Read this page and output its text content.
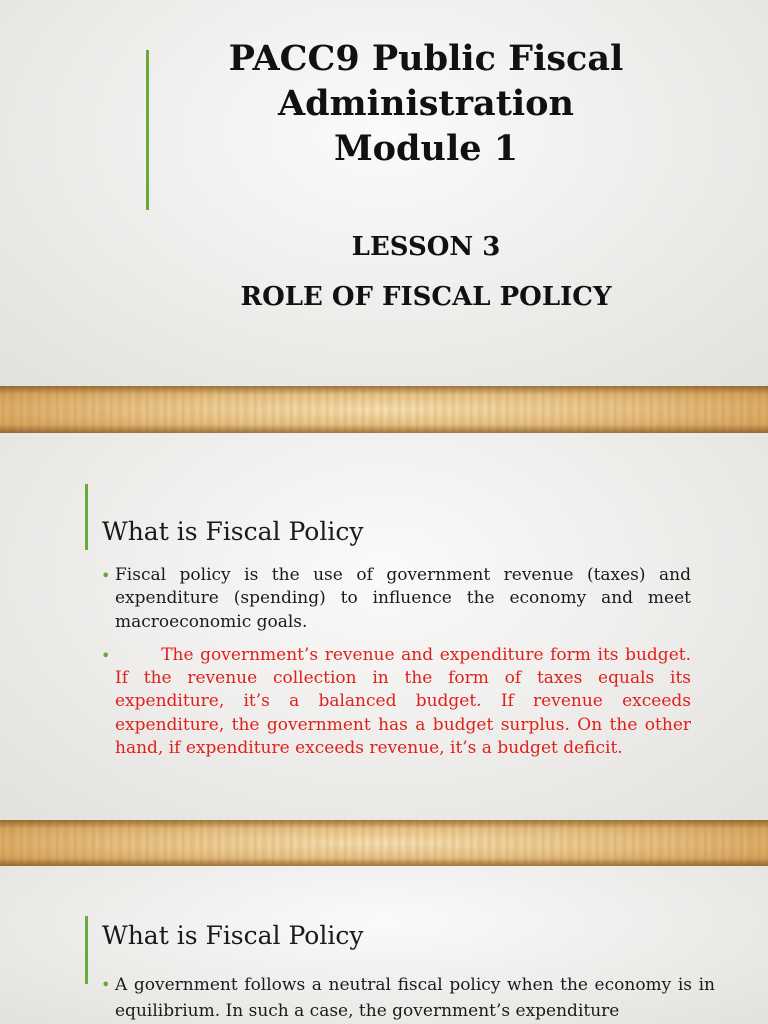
PACC9 Public Fiscal
Administration
Module 1
LESSON 3
ROLE OF FISCAL POLICY
What is Fiscal Policy
• Fiscal policy is the use of government revenue (taxes) and expenditure (spending) to influence the economy and meet macroeconomic goals.
• The government’s revenue and expenditure form its budget. If the revenue collection in the form of taxes equals its expenditure, it’s a balanced budget. If revenue exceeds expenditure, the government has a budget surplus. On the other hand, if expenditure exceeds revenue, it’s a budget deficit.
What is Fiscal Policy
• A government follows a neutral fiscal policy when the economy is in equilibrium. In such a case, the government’s expenditure
